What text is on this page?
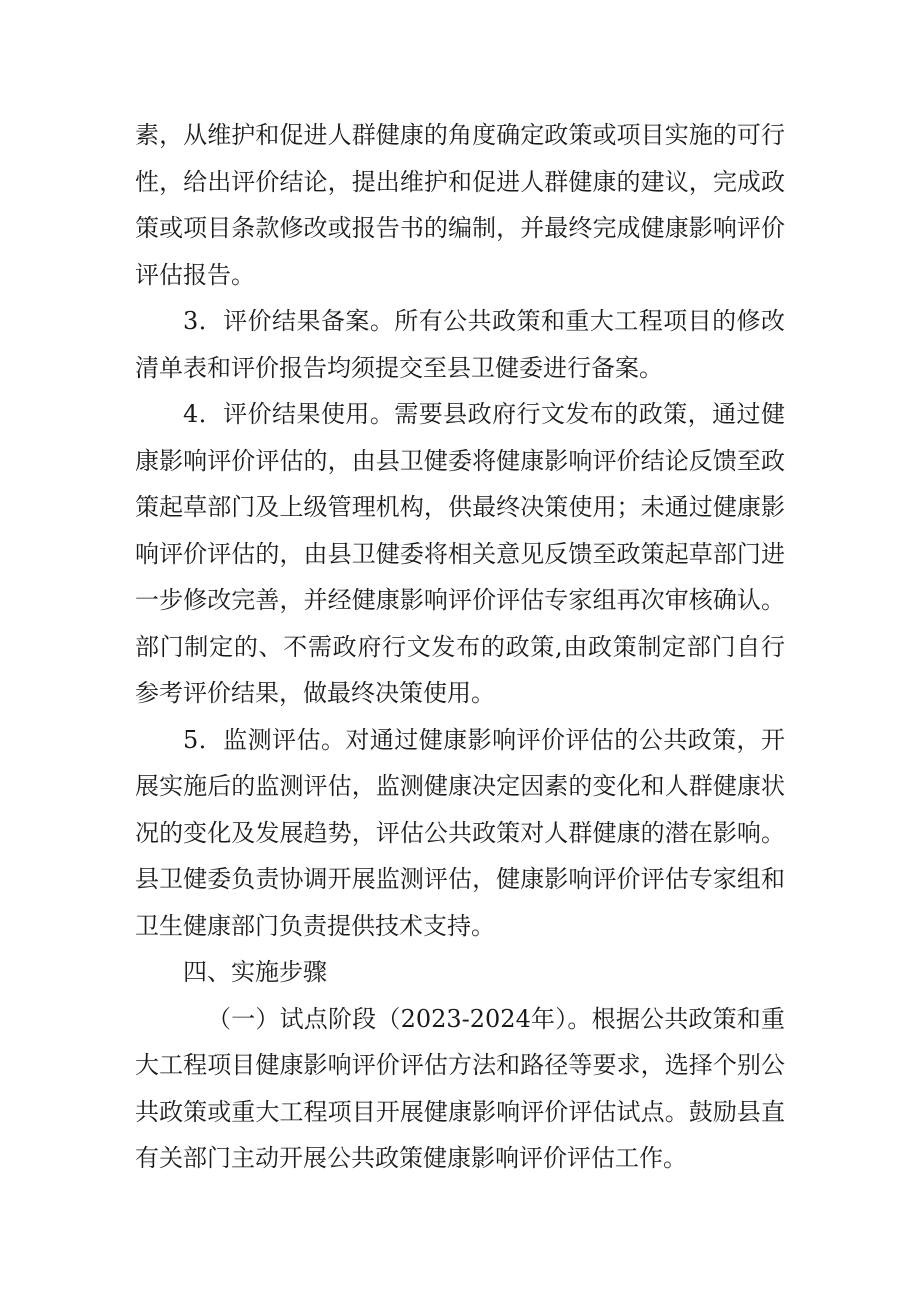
素，从维护和促进人群健康的角度确定政策或项目实施的可行性，给出评价结论，提出维护和促进人群健康的建议，完成政策或项目条款修改或报告书的编制，并最终完成健康影响评价评估报告。

3．评价结果备案。所有公共政策和重大工程项目的修改清单表和评价报告均须提交至县卫健委进行备案。

4．评价结果使用。需要县政府行文发布的政策，通过健康影响评价评估的，由县卫健委将健康影响评价结论反馈至政策起草部门及上级管理机构，供最终决策使用；未通过健康影响评价评估的，由县卫健委将相关意见反馈至政策起草部门进一步修改完善，并经健康影响评价评估专家组再次审核确认。部门制定的、不需政府行文发布的政策,由政策制定部门自行参考评价结果，做最终决策使用。

5．监测评估。对通过健康影响评价评估的公共政策，开展实施后的监测评估，监测健康决定因素的变化和人群健康状况的变化及发展趋势，评估公共政策对人群健康的潜在影响。县卫健委负责协调开展监测评估，健康影响评价评估专家组和卫生健康部门负责提供技术支持。

四、实施步骤

（一）试点阶段（2023-2024年）。根据公共政策和重大工程项目健康影响评价评估方法和路径等要求，选择个别公共政策或重大工程项目开展健康影响评价评估试点。鼓励县直有关部门主动开展公共政策健康影响评价评估工作。
